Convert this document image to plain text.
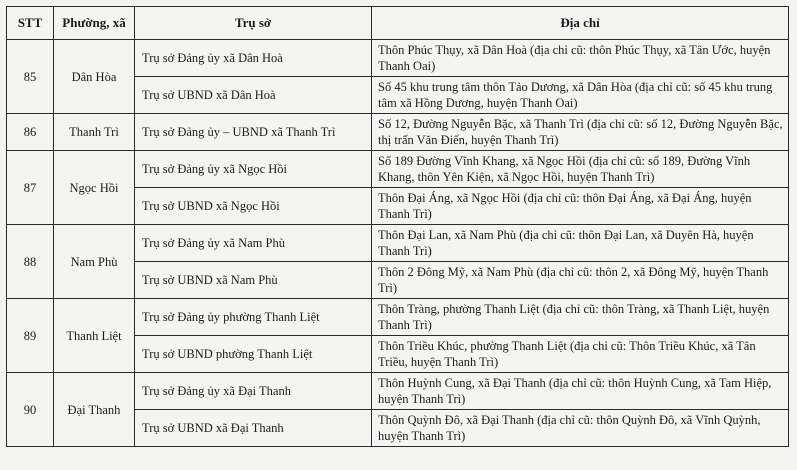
STT	Phường, xã	Trụ sở	Địa chỉ
85	Dân Hòa	Trụ sở Đảng ủy xã Dân Hoà	Thôn Phúc Thụy, xã Dân Hoà (địa chỉ cũ: thôn Phúc Thụy, xã Tân Ước, huyện Thanh Oai)
		Trụ sở UBND xã Dân Hoà	Số 45 khu trung tâm thôn Tảo Dương, xã Dân Hòa (địa chỉ cũ: số 45 khu trung tâm xã Hồng Dương, huyện Thanh Oai)
86	Thanh Trì	Trụ sở Đảng ủy – UBND xã Thanh Trì	Số 12, Đường Nguyễn Bặc, xã Thanh Trì (địa chỉ cũ: số 12, Đường Nguyễn Bặc, thị trấn Văn Điển, huyện Thanh Trì)
87	Ngọc Hồi	Trụ sở Đảng ủy xã Ngọc Hồi	Số 189 Đường Vĩnh Khang, xã Ngọc Hồi (địa chỉ cũ: số 189, Đường Vĩnh Khang, thôn Yên Kiện, xã Ngọc Hồi, huyện Thanh Trì)
		Trụ sở UBND xã Ngọc Hồi	Thôn Đại Áng, xã Ngọc Hồi (địa chỉ cũ: thôn Đại Áng, xã Đại Áng, huyện Thanh Trì)
88	Nam Phù	Trụ sở Đảng ủy xã Nam Phù	Thôn Đại Lan, xã Nam Phù (địa chỉ cũ: thôn Đại Lan, xã Duyên Hà, huyện Thanh Trì)
		Trụ sở UBND xã Nam Phù	Thôn 2 Đông Mỹ, xã Nam Phù (địa chỉ cũ: thôn 2, xã Đông Mỹ, huyện Thanh Trì)
89	Thanh Liệt	Trụ sở Đảng ủy phường Thanh Liệt	Thôn Tràng, phường Thanh Liệt (địa chỉ cũ: thôn Tràng, xã Thanh Liệt, huyện Thanh Trì)
		Trụ sở UBND phường Thanh Liệt	Thôn Triều Khúc, phường Thanh Liệt (địa chỉ cũ: Thôn Triều Khúc, xã Tân Triều, huyện Thanh Trì)
90	Đại Thanh	Trụ sở Đảng ủy xã Đại Thanh	Thôn Huỳnh Cung, xã Đại Thanh (địa chỉ cũ: thôn Huỳnh Cung, xã Tam Hiệp, huyện Thanh Trì)
		Trụ sở UBND xã Đại Thanh	Thôn Quỳnh Đô, xã Đại Thanh (địa chỉ cũ: thôn Quỳnh Đô, xã Vĩnh Quỳnh, huyện Thanh Trì)
